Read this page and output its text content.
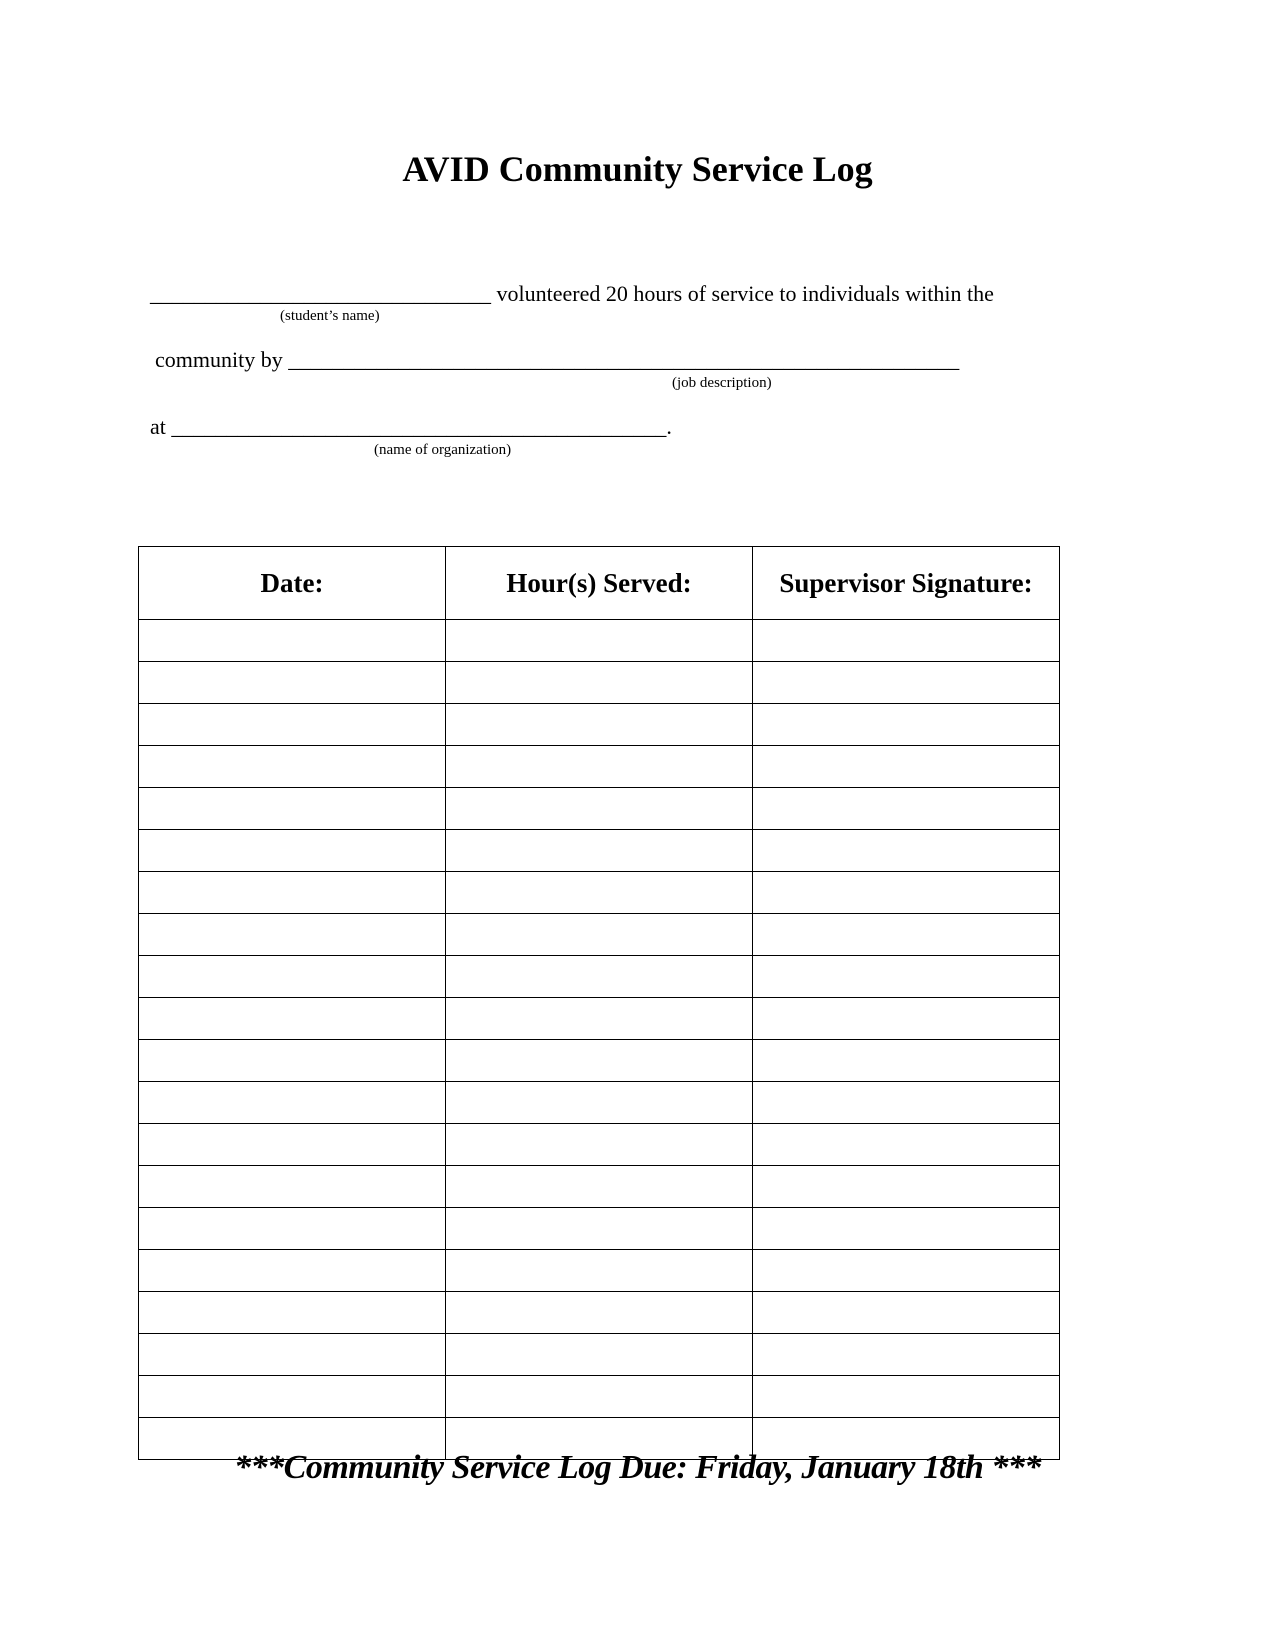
AVID Community Service Log

_______________________________ volunteered 20 hours of service to individuals within the

(student’s name)

community by _____________________________________________________________

(job description)

at _____________________________________________.

(name of organization)

Date:	Hour(s) Served:	Supervisor Signature:

***Community Service Log Due: Friday, January 18th ***
